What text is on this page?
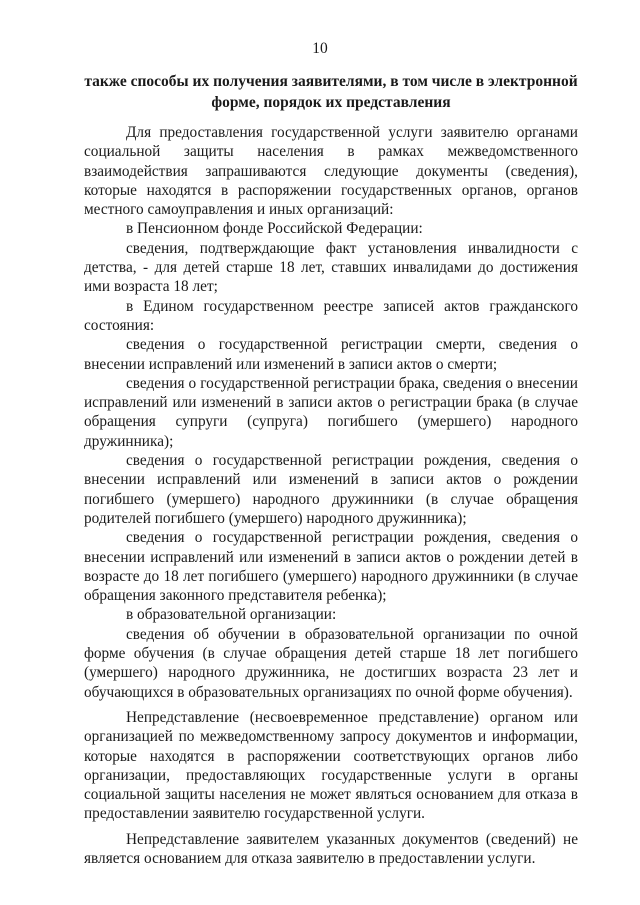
10
также способы их получения заявителями, в том числе в электронной форме, порядок их представления

Для предоставления государственной услуги заявителю органами социальной защиты населения в рамках межведомственного взаимодействия запрашиваются следующие документы (сведения), которые находятся в распоряжении государственных органов, органов местного самоуправления и иных организаций:

в Пенсионном фонде Российской Федерации:

сведения, подтверждающие факт установления инвалидности с детства, - для детей старше 18 лет, ставших инвалидами до достижения ими возраста 18 лет;

в Едином государственном реестре записей актов гражданского состояния:

сведения о государственной регистрации смерти, сведения о внесении исправлений или изменений в записи актов о смерти;

сведения о государственной регистрации брака, сведения о внесении исправлений или изменений в записи актов о регистрации брака (в случае обращения супруги (супруга) погибшего (умершего) народного дружинника);

сведения о государственной регистрации рождения, сведения о внесении исправлений или изменений в записи актов о рождении погибшего (умершего) народного дружинники (в случае обращения родителей погибшего (умершего) народного дружинника);

сведения о государственной регистрации рождения, сведения о внесении исправлений или изменений в записи актов о рождении детей в возрасте до 18 лет погибшего (умершего) народного дружинники (в случае обращения законного представителя ребенка);

в образовательной организации:

сведения об обучении в образовательной организации по очной форме обучения (в случае обращения детей старше 18 лет погибшего (умершего) народного дружинника, не достигших возраста 23 лет и обучающихся в образовательных организациях по очной форме обучения).

Непредставление (несвоевременное представление) органом или организацией по межведомственному запросу документов и информации, которые находятся в распоряжении соответствующих органов либо организации, предоставляющих государственные услуги в органы социальной защиты населения не может являться основанием для отказа в предоставлении заявителю государственной услуги.

Непредставление заявителем указанных документов (сведений) не является основанием для отказа заявителю в предоставлении услуги.
